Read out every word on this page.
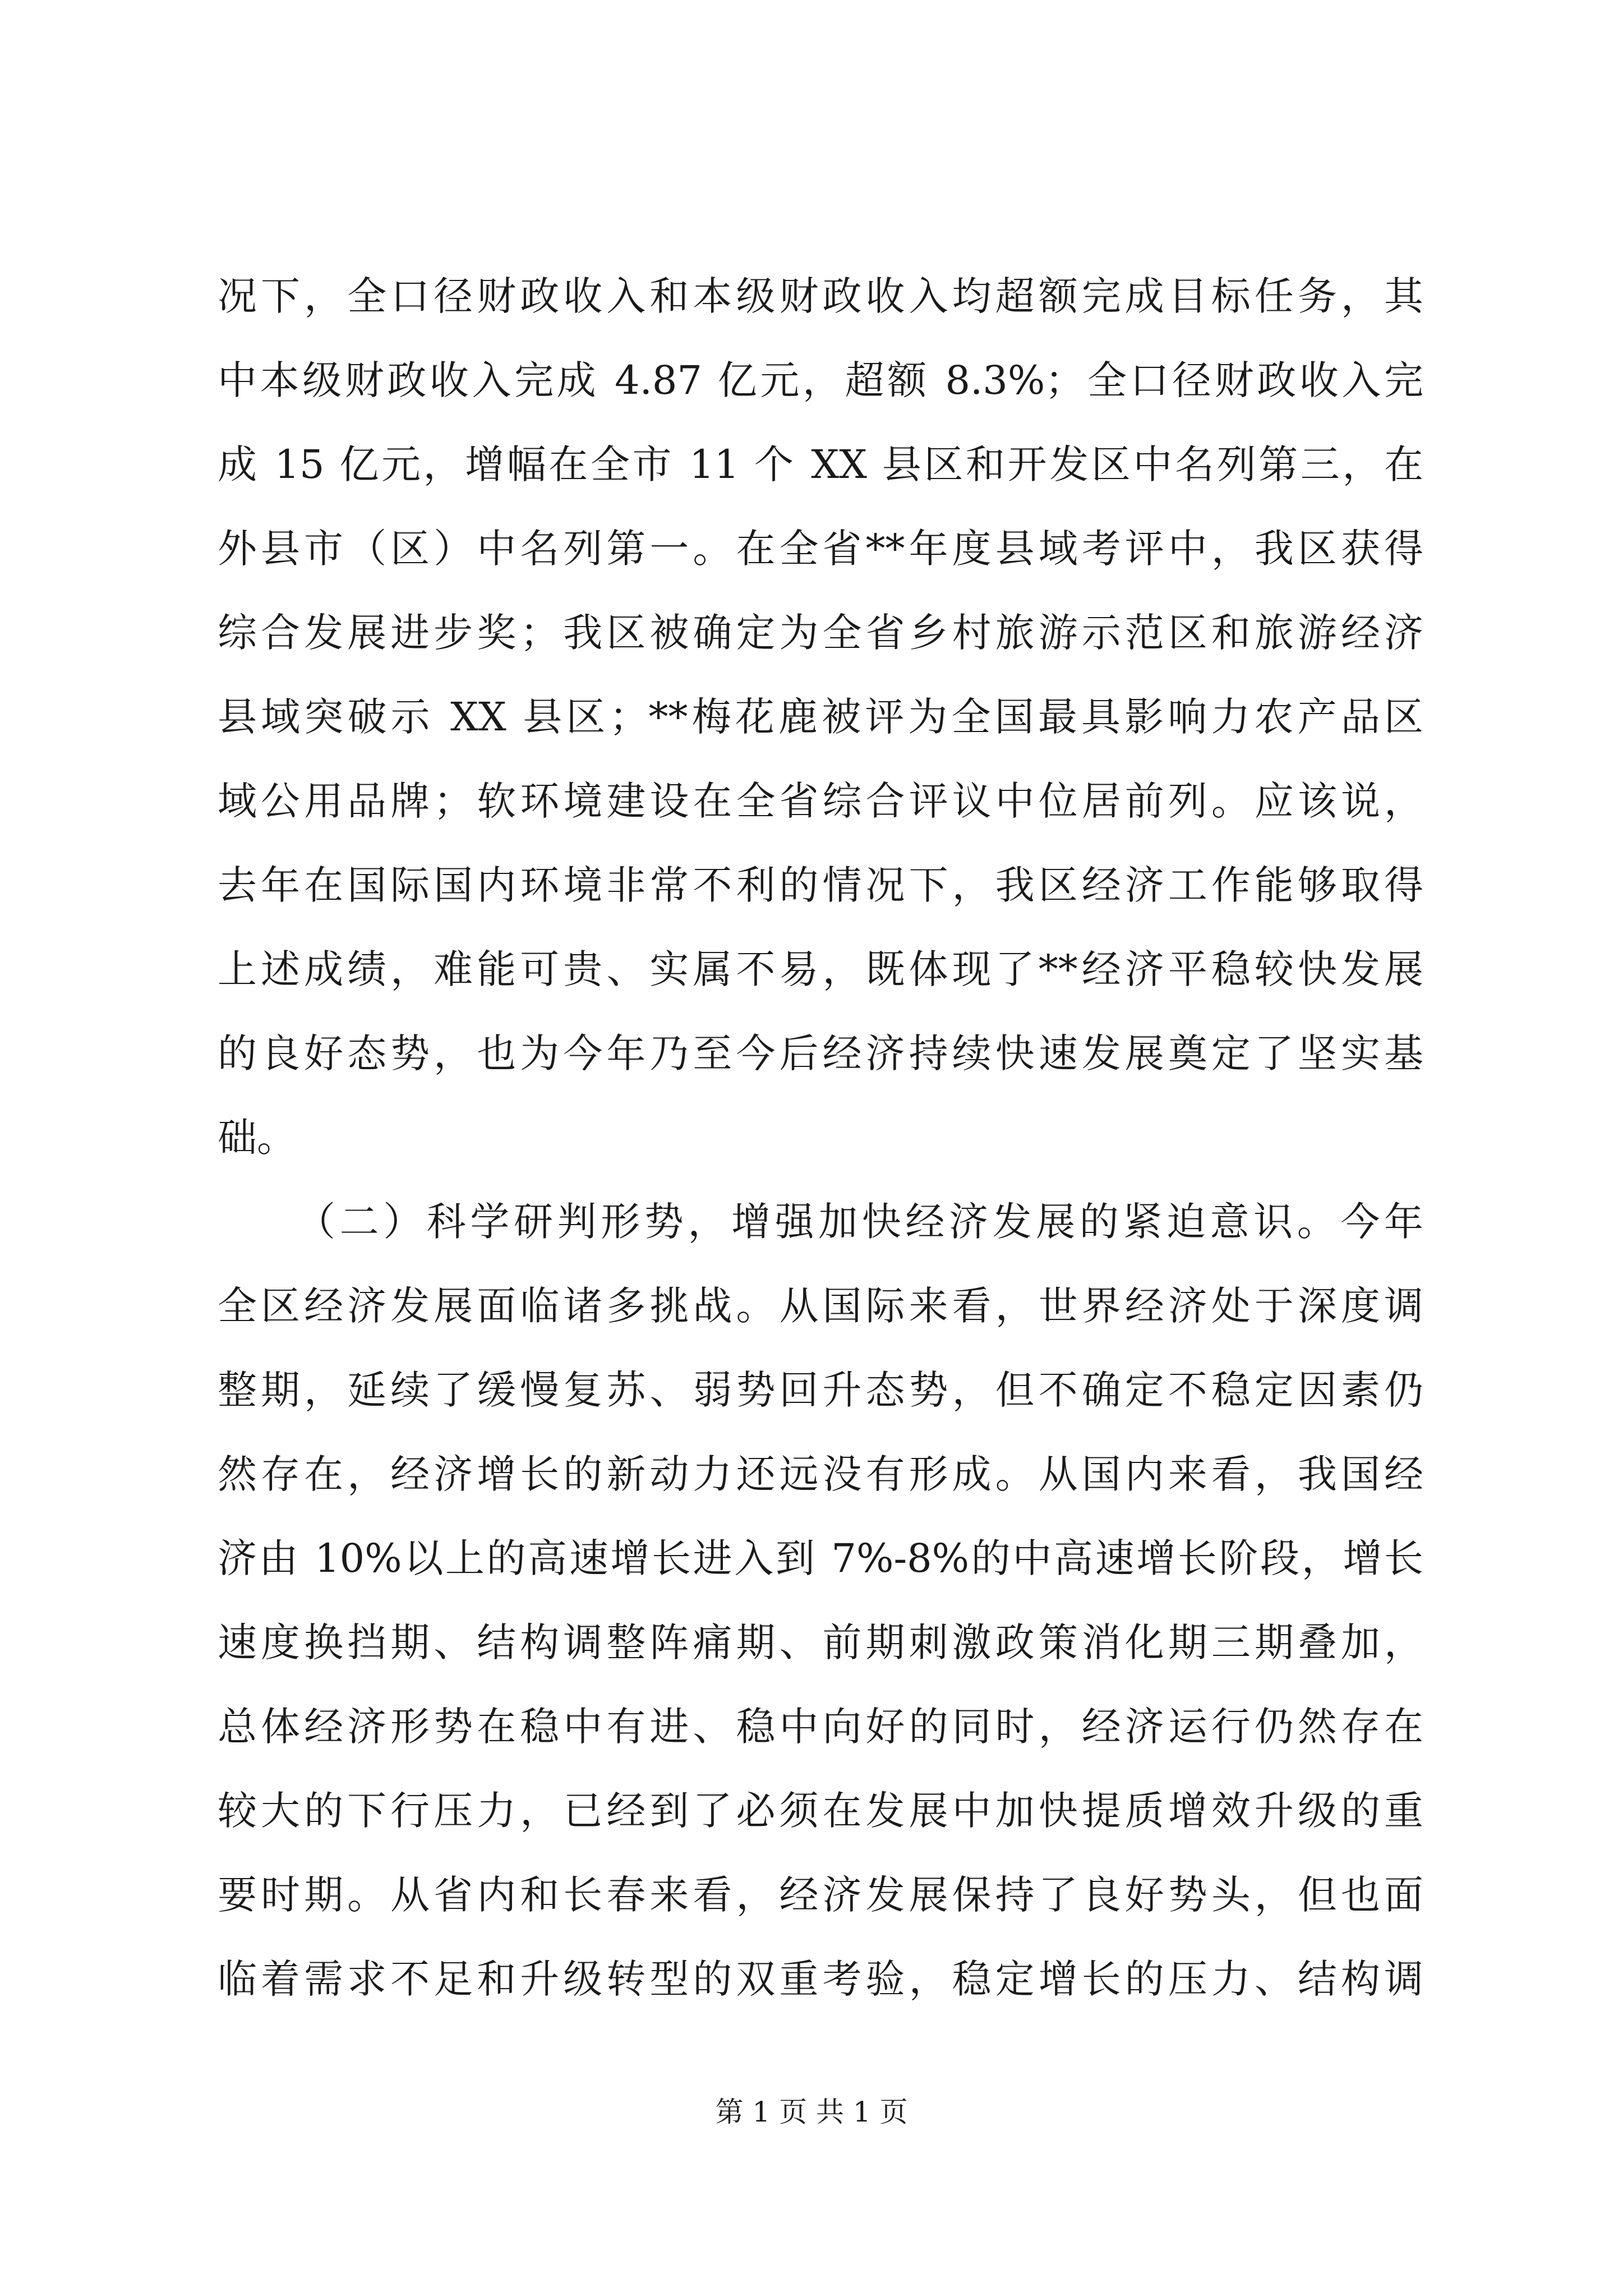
况下，全口径财政收入和本级财政收入均超额完成目标任务，其
中本级财政收入完成 4.87 亿元，超额 8.3%；全口径财政收入完
成 15 亿元，增幅在全市 11 个 XX 县区和开发区中名列第三，在
外县市（区）中名列第一。在全省**年度县域考评中，我区获得
综合发展进步奖；我区被确定为全省乡村旅游示范区和旅游经济
县域突破示 XX 县区；**梅花鹿被评为全国最具影响力农产品区
域公用品牌；软环境建设在全省综合评议中位居前列。应该说，
去年在国际国内环境非常不利的情况下，我区经济工作能够取得
上述成绩，难能可贵、实属不易，既体现了**经济平稳较快发展
的良好态势，也为今年乃至今后经济持续快速发展奠定了坚实基
础。
（二）科学研判形势，增强加快经济发展的紧迫意识。今年
全区经济发展面临诸多挑战。从国际来看，世界经济处于深度调
整期，延续了缓慢复苏、弱势回升态势，但不确定不稳定因素仍
然存在，经济增长的新动力还远没有形成。从国内来看，我国经
济由 10%以上的高速增长进入到 7%-8%的中高速增长阶段，增长
速度换挡期、结构调整阵痛期、前期刺激政策消化期三期叠加，
总体经济形势在稳中有进、稳中向好的同时，经济运行仍然存在
较大的下行压力，已经到了必须在发展中加快提质增效升级的重
要时期。从省内和长春来看，经济发展保持了良好势头，但也面
临着需求不足和升级转型的双重考验，稳定增长的压力、结构调
第 1 页 共 1 页
